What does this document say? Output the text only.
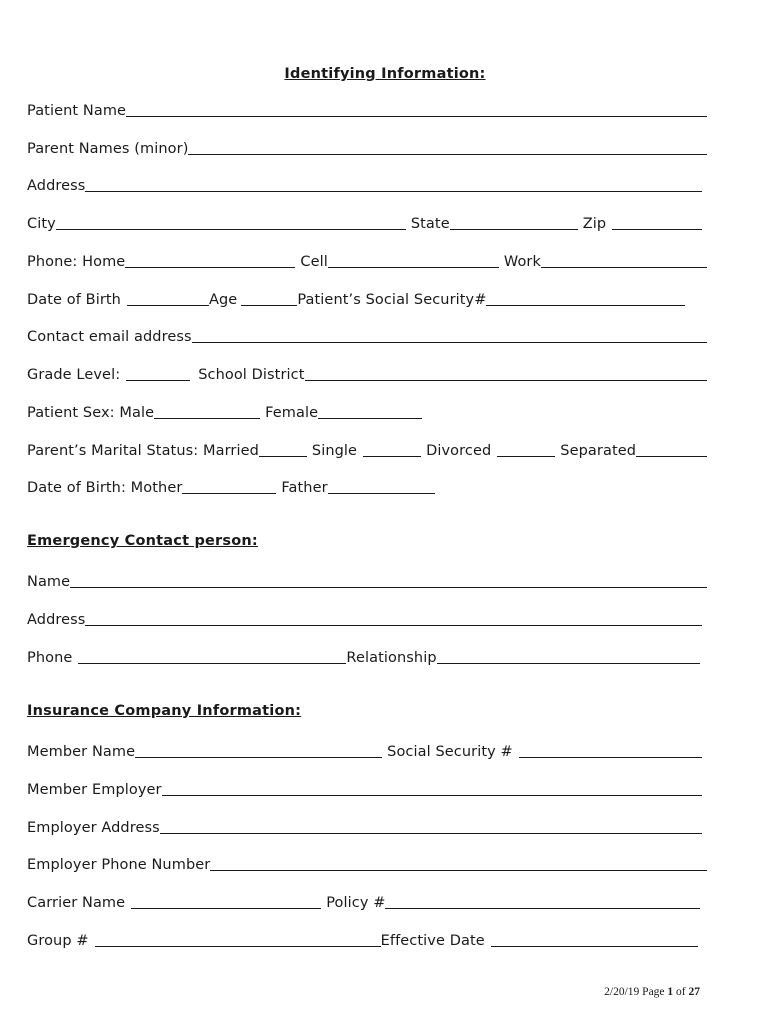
Identifying Information:
Patient Name
Parent Names (minor)
Address
City	State	Zip
Phone: Home	Cell	Work
Date of Birth	Age	Patient’s Social Security#
Contact email address
Grade Level:	School District
Patient Sex: Male	Female
Parent’s Marital Status: Married	Single	Divorced	Separated
Date of Birth: Mother	Father
Emergency Contact person:
Name
Address
Phone	Relationship
Insurance Company Information:
Member Name	Social Security #
Member Employer
Employer Address
Employer Phone Number
Carrier Name	Policy #
Group #	Effective Date
2/20/19 Page 1 of 27
